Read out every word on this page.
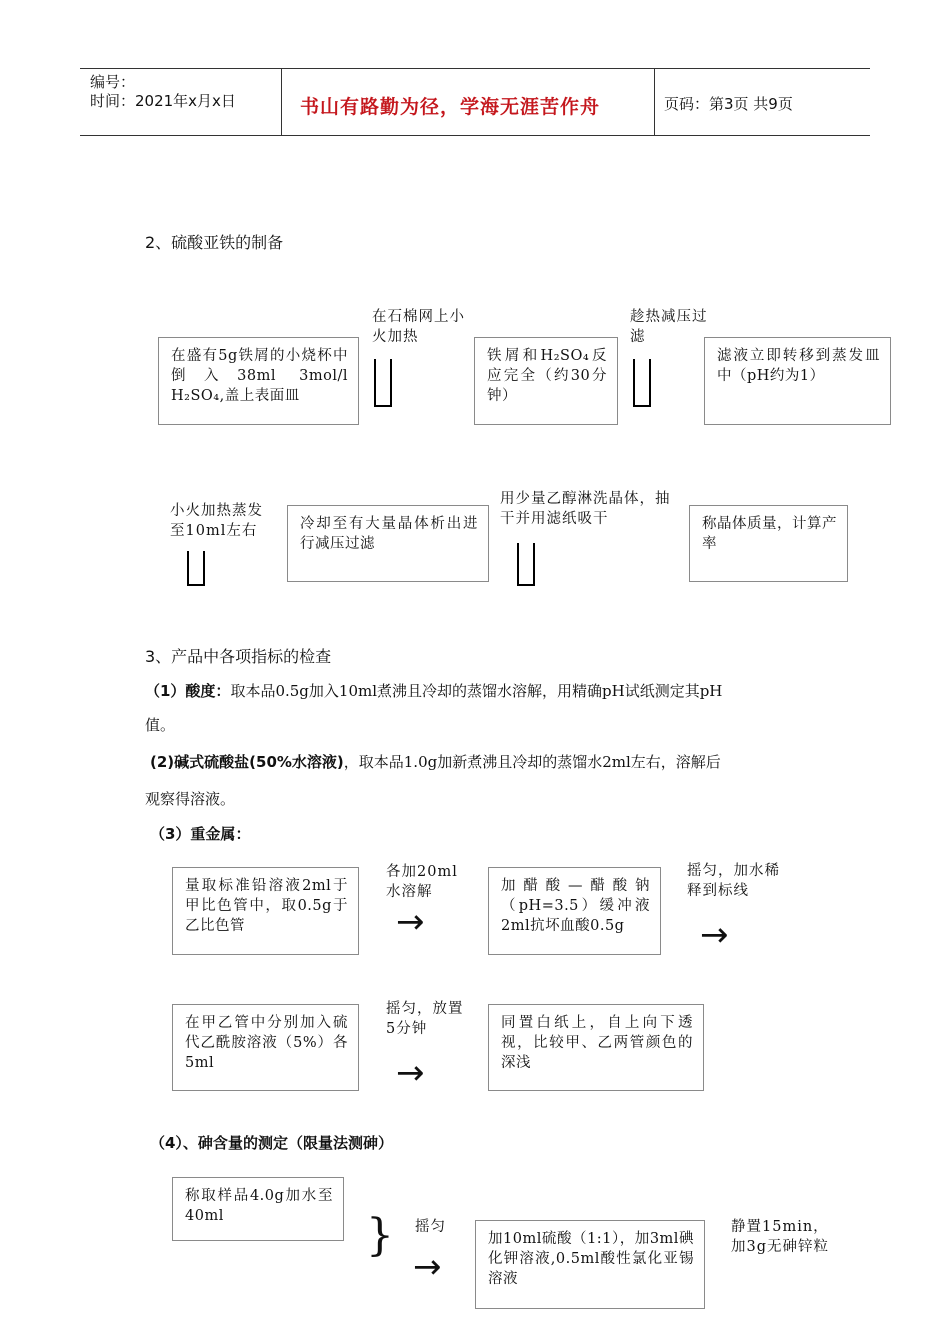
编号：
时间：2021年x月x日	书山有路勤为径，学海无涯苦作舟	页码：第3页 共9页
2、硫酸亚铁的制备
在盛有5g铁屑的小烧杯中倒入38ml 3mol/l H₂SO₄,盖上表面皿
在石棉网上小火加热
铁屑和H₂SO₄反应完全（约30分钟）
趁热减压过滤
滤液立即转移到蒸发皿中（pH约为1）
小火加热蒸发至10ml左右	冷却至有大量晶体析出进行减压过滤
用少量乙醇淋洗晶体，抽干并用滤纸吸干	称晶体质量，计算产率
3、产品中各项指标的检查
（1）酸度：取本品0.5g加入10ml煮沸且冷却的蒸馏水溶解，用精确pH试纸测定其pH
值。
(2)碱式硫酸盐(50%水溶液)，取本品1.0g加新煮沸且冷却的蒸馏水2ml左右，溶解后
观察得溶液。
（3）重金属：
量取标准铅溶液2ml于甲比色管中，取0.5g于乙比色管
各加20ml水溶解
→
加醋酸—醋酸钠（pH=3.5）缓冲液2ml抗坏血酸0.5g
摇匀，加水稀释到标线
→
在甲乙管中分别加入硫代乙酰胺溶液（5%）各5ml
摇匀，放置5分钟
→
同置白纸上，自上向下透视，比较甲、乙两管颜色的深浅
（4）、砷含量的测定（限量法测砷）
称取样品4.0g加水至40ml	} 摇匀
→
加10ml硫酸（1:1），加3ml碘化钾溶液,0.5ml酸性氯化亚锡溶液
静置15min，加3g无砷锌粒
